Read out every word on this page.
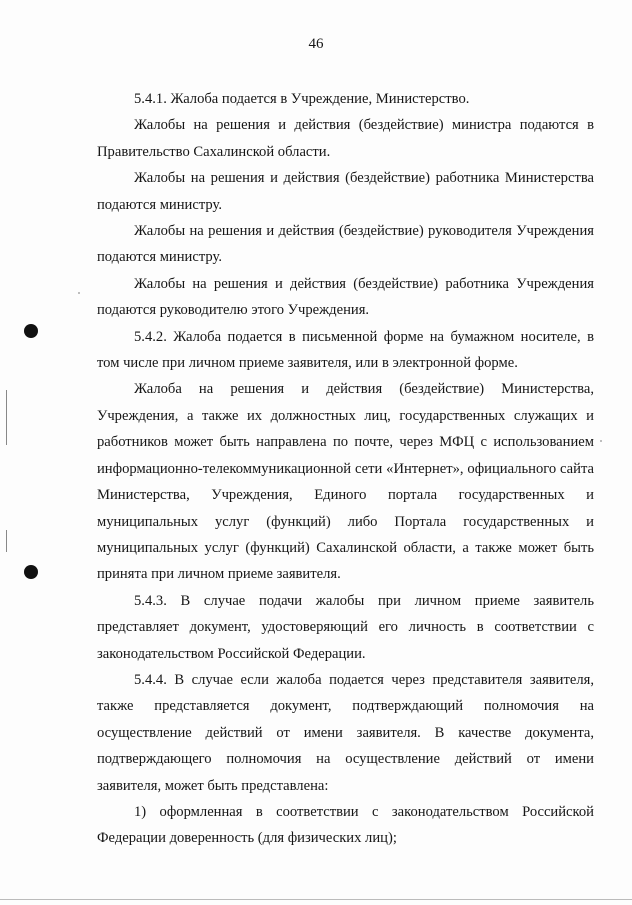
46

5.4.1. Жалоба подается в Учреждение, Министерство.

Жалобы на решения и действия (бездействие) министра подаются в Правительство Сахалинской области.

Жалобы на решения и действия (бездействие) работника Министерства подаются министру.

Жалобы на решения и действия (бездействие) руководителя Учреждения подаются министру.

Жалобы на решения и действия (бездействие) работника Учреждения подаются руководителю этого Учреждения.

5.4.2. Жалоба подается в письменной форме на бумажном носителе, в том числе при личном приеме заявителя, или в электронной форме.

Жалоба на решения и действия (бездействие) Министерства, Учреждения, а также их должностных лиц, государственных служащих и работников может быть направлена по почте, через МФЦ с использованием информационно-телекоммуникационной сети «Интернет», официального сайта Министерства, Учреждения, Единого портала государственных и муниципальных услуг (функций) либо Портала государственных и муниципальных услуг (функций) Сахалинской области, а также может быть принята при личном приеме заявителя.

5.4.3. В случае подачи жалобы при личном приеме заявитель представляет документ, удостоверяющий его личность в соответствии с законодательством Российской Федерации.

5.4.4. В случае если жалоба подается через представителя заявителя, также представляется документ, подтверждающий полномочия на осуществление действий от имени заявителя. В качестве документа, подтверждающего полномочия на осуществление действий от имени заявителя, может быть представлена:

1) оформленная в соответствии с законодательством Российской Федерации доверенность (для физических лиц);
